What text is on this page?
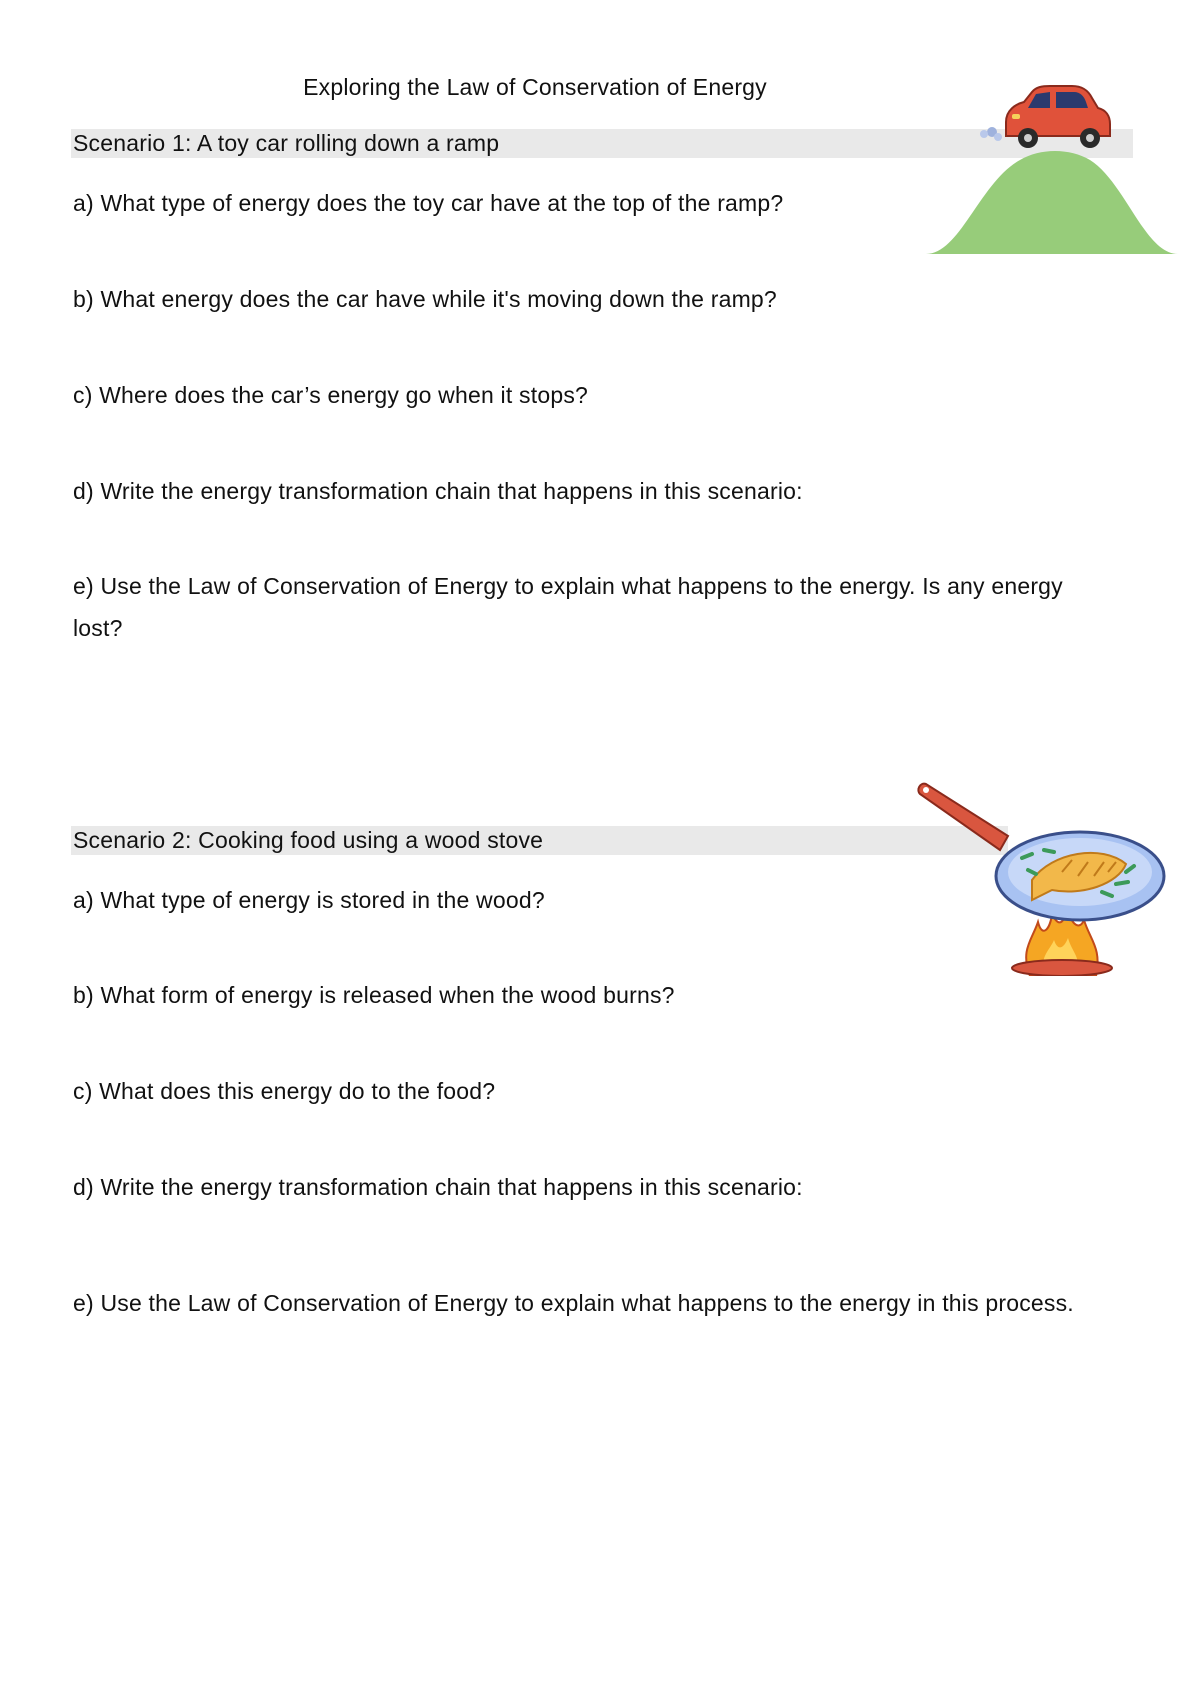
Exploring the Law of Conservation of Energy
Scenario 1: A toy car rolling down a ramp
a) What type of energy does the toy car have at the top of the ramp?
b) What energy does the car have while it's moving down the ramp?
c) Where does the car’s energy go when it stops?
d) Write the energy transformation chain that happens in this scenario:
e) Use the Law of Conservation of Energy to explain what happens to the energy. Is any energy lost?
Scenario 2: Cooking food using a wood stove
a) What type of energy is stored in the wood?
b) What form of energy is released when the wood burns?
c) What does this energy do to the food?
d) Write the energy transformation chain that happens in this scenario:
e) Use the Law of Conservation of Energy to explain what happens to the energy in this process.
